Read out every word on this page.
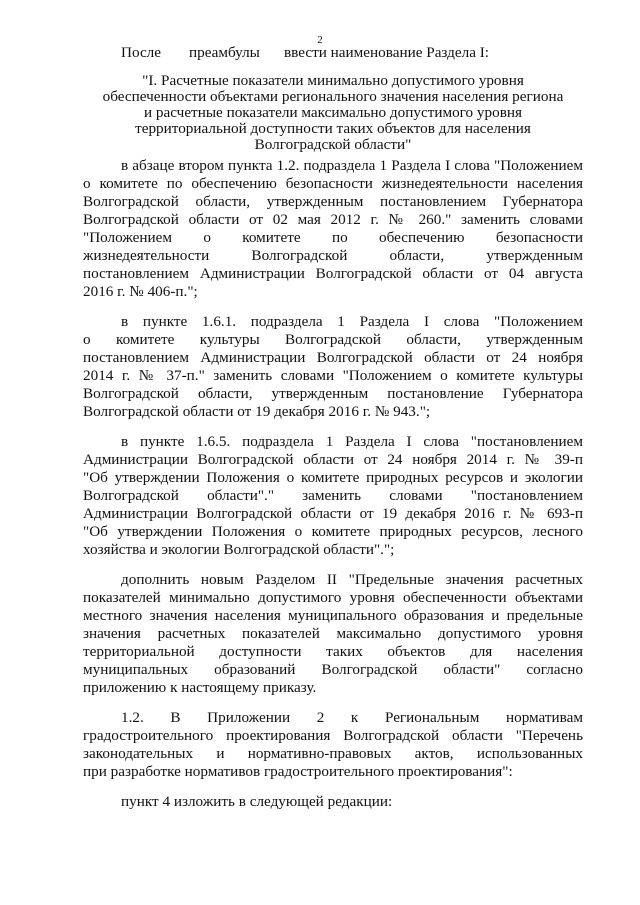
2
После преамбулы ввести наименование Раздела I:
"I. Расчетные показатели минимально допустимого уровня
обеспеченности объектами регионального значения населения региона
и расчетные показатели максимально допустимого уровня
территориальной доступности таких объектов для населения
Волгоградской области"
в абзаце втором пункта 1.2. подраздела 1 Раздела I слова "Положением
о комитете по обеспечению безопасности жизнедеятельности населения
Волгоградской области, утвержденным постановлением Губернатора
Волгоградской области от 02 мая 2012 г. № 260." заменить словами
"Положением о комитете по обеспечению безопасности
жизнедеятельности Волгоградской области, утвержденным
постановлением Администрации Волгоградской области от 04 августа
2016 г. № 406-п.";
в пункте 1.6.1. подраздела 1 Раздела I слова "Положением
о комитете культуры Волгоградской области, утвержденным
постановлением Администрации Волгоградской области от 24 ноября
2014 г. № 37-п." заменить словами "Положением о комитете культуры
Волгоградской области, утвержденным постановление Губернатора
Волгоградской области от 19 декабря 2016 г. № 943.";
в пункте 1.6.5. подраздела 1 Раздела I слова "постановлением
Администрации Волгоградской области от 24 ноября 2014 г. № 39-п
"Об утверждении Положения о комитете природных ресурсов и экологии
Волгоградской области"." заменить словами "постановлением
Администрации Волгоградской области от 19 декабря 2016 г. № 693-п
"Об утверждении Положения о комитете природных ресурсов, лесного
хозяйства и экологии Волгоградской области".";
дополнить новым Разделом II "Предельные значения расчетных
показателей минимально допустимого уровня обеспеченности объектами
местного значения населения муниципального образования и предельные
значения расчетных показателей максимально допустимого уровня
территориальной доступности таких объектов для населения
муниципальных образований Волгоградской области" согласно
приложению к настоящему приказу.
1.2. В Приложении 2 к Региональным нормативам
градостроительного проектирования Волгоградской области "Перечень
законодательных и нормативно-правовых актов, использованных
при разработке нормативов градостроительного проектирования":
пункт 4 изложить в следующей редакции:
